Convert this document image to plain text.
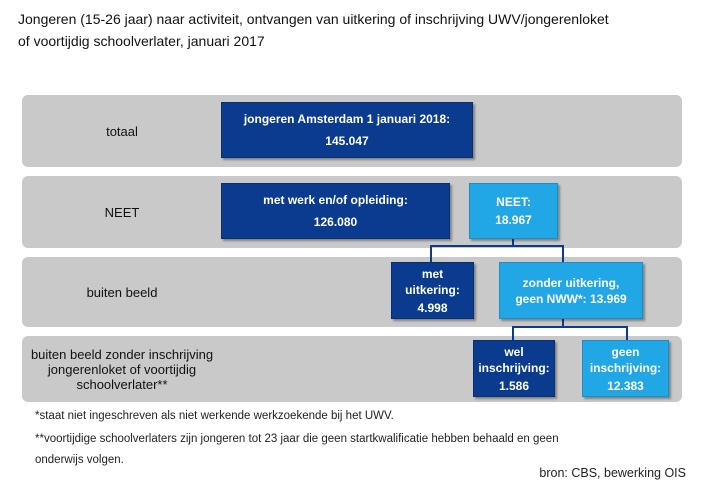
Jongeren (15-26 jaar) naar activiteit, ontvangen van uitkering of inschrijving UWV/jongerenloket
of voortijdig schoolverlater, januari 2017
totaal
NEET
buiten beeld
buiten beeld zonder inschrijving jongerenloket of voortijdig schoolverlater**
jongeren Amsterdam 1 januari 2018:
145.047
met werk en/of opleiding:
126.080
NEET:
18.967
met
uitkering:
4.998
zonder uitkering,
geen NWW*: 13.969
wel
inschrijving:
1.586
geen
inschrijving:
12.383
*staat niet ingeschreven als niet werkende werkzoekende bij het UWV.
**voortijdige schoolverlaters zijn jongeren tot 23 jaar die geen startkwalificatie hebben behaald en geen
onderwijs volgen.
bron: CBS, bewerking OIS
